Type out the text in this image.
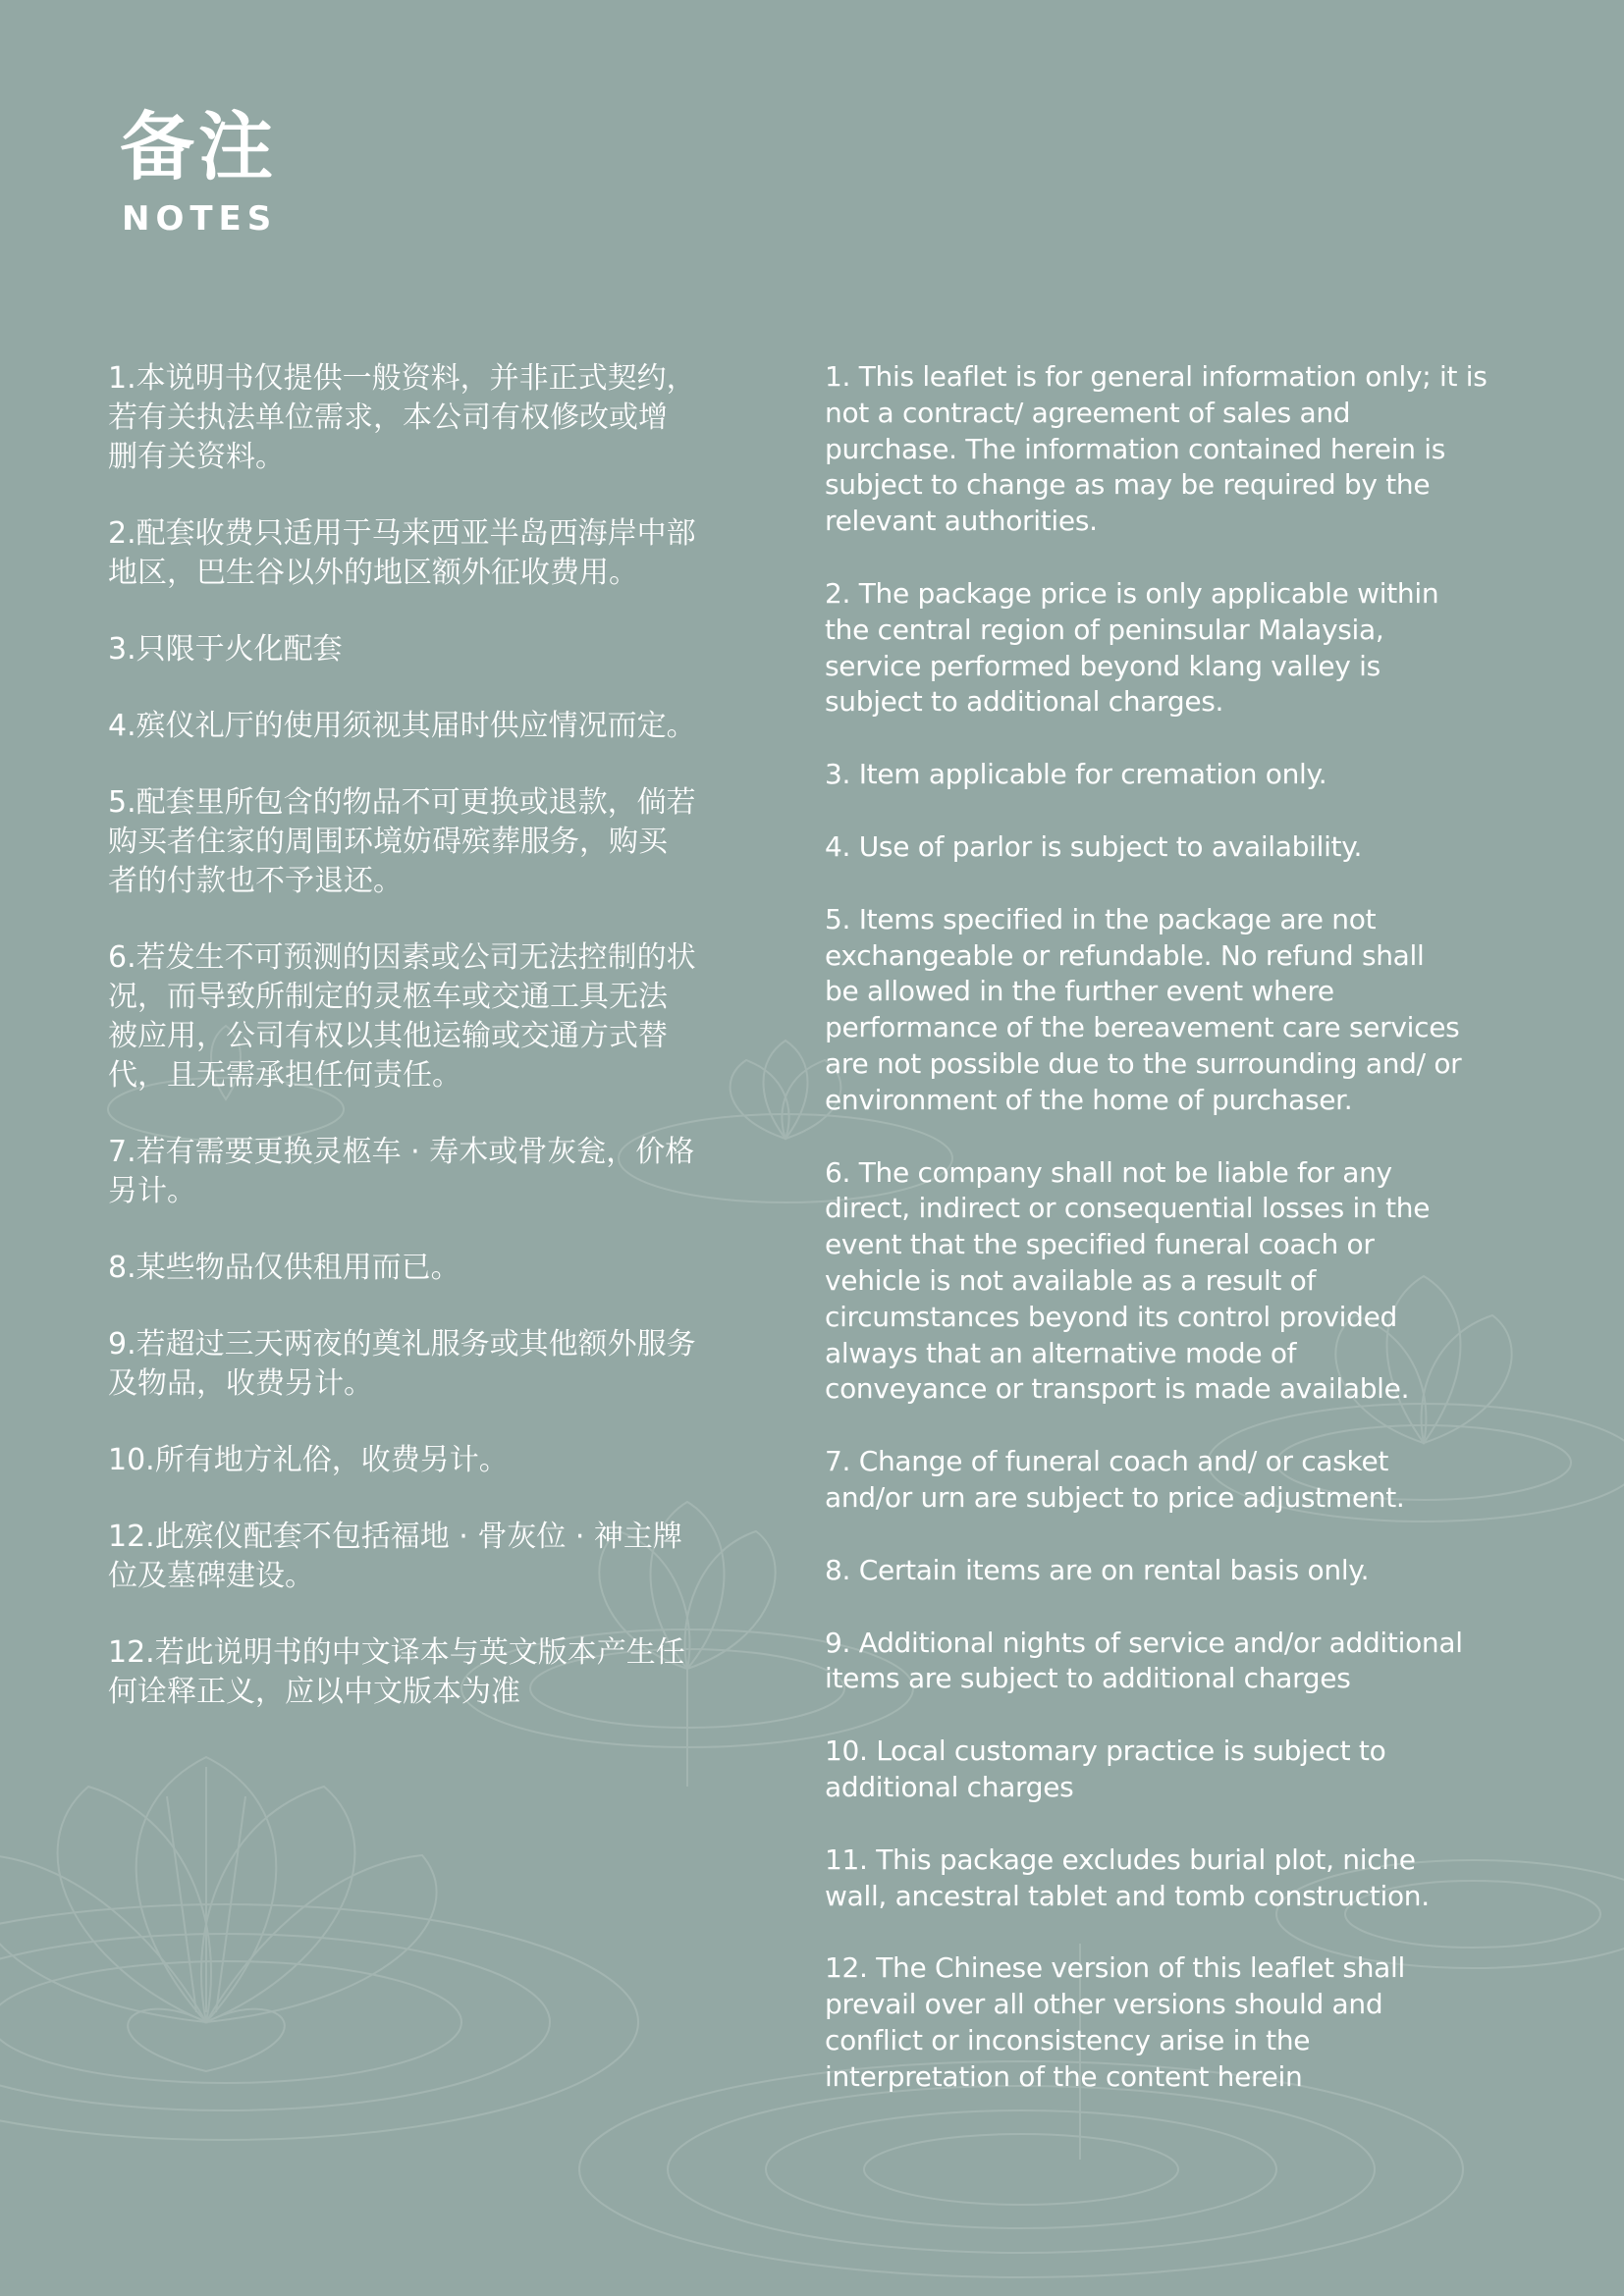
备注
NOTES

1.本说明书仅提供一般资料，并非正式契约，
若有关执法单位需求，本公司有权修改或增
删有关资料。

2.配套收费只适用于马来西亚半岛西海岸中部
地区，巴生谷以外的地区额外征收费用。

3.只限于火化配套

4.殡仪礼厅的使用须视其届时供应情况而定。

5.配套里所包含的物品不可更换或退款，倘若
购买者住家的周围环境妨碍殡葬服务，购买
者的付款也不予退还。

6.若发生不可预测的因素或公司无法控制的状
况，而导致所制定的灵柩车或交通工具无法
被应用，公司有权以其他运输或交通方式替
代，且无需承担任何责任。

7.若有需要更换灵柩车 · 寿木或骨灰瓮，价格
另计。

8.某些物品仅供租用而已。

9.若超过三天两夜的奠礼服务或其他额外服务
及物品，收费另计。

10.所有地方礼俗，收费另计。

12.此殡仪配套不包括福地 · 骨灰位 · 神主牌
位及墓碑建设。

12.若此说明书的中文译本与英文版本产生任
何诠释正义，应以中文版本为准

1. This leaflet is for general information only; it is
not a contract/ agreement of sales and
purchase. The information contained herein is
subject to change as may be required by the
relevant authorities.

2. The package price is only applicable within
the central region of peninsular Malaysia,
service performed beyond klang valley is
subject to additional charges.

3. Item applicable for cremation only.

4. Use of parlor is subject to availability.

5. Items specified in the package are not
exchangeable or refundable. No refund shall
be allowed in the further event where
performance of the bereavement care services
are not possible due to the surrounding and/ or
environment of the home of purchaser.

6. The company shall not be liable for any
direct, indirect or consequential losses in the
event that the specified funeral coach or
vehicle is not available as a result of
circumstances beyond its control provided
always that an alternative mode of
conveyance or transport is made available.

7. Change of funeral coach and/ or casket
and/or urn are subject to price adjustment.

8. Certain items are on rental basis only.

9. Additional nights of service and/or additional
items are subject to additional charges

10. Local customary practice is subject to
additional charges

11. This package excludes burial plot, niche
wall, ancestral tablet and tomb construction.

12. The Chinese version of this leaflet shall
prevail over all other versions should and
conflict or inconsistency arise in the
interpretation of the content herein
